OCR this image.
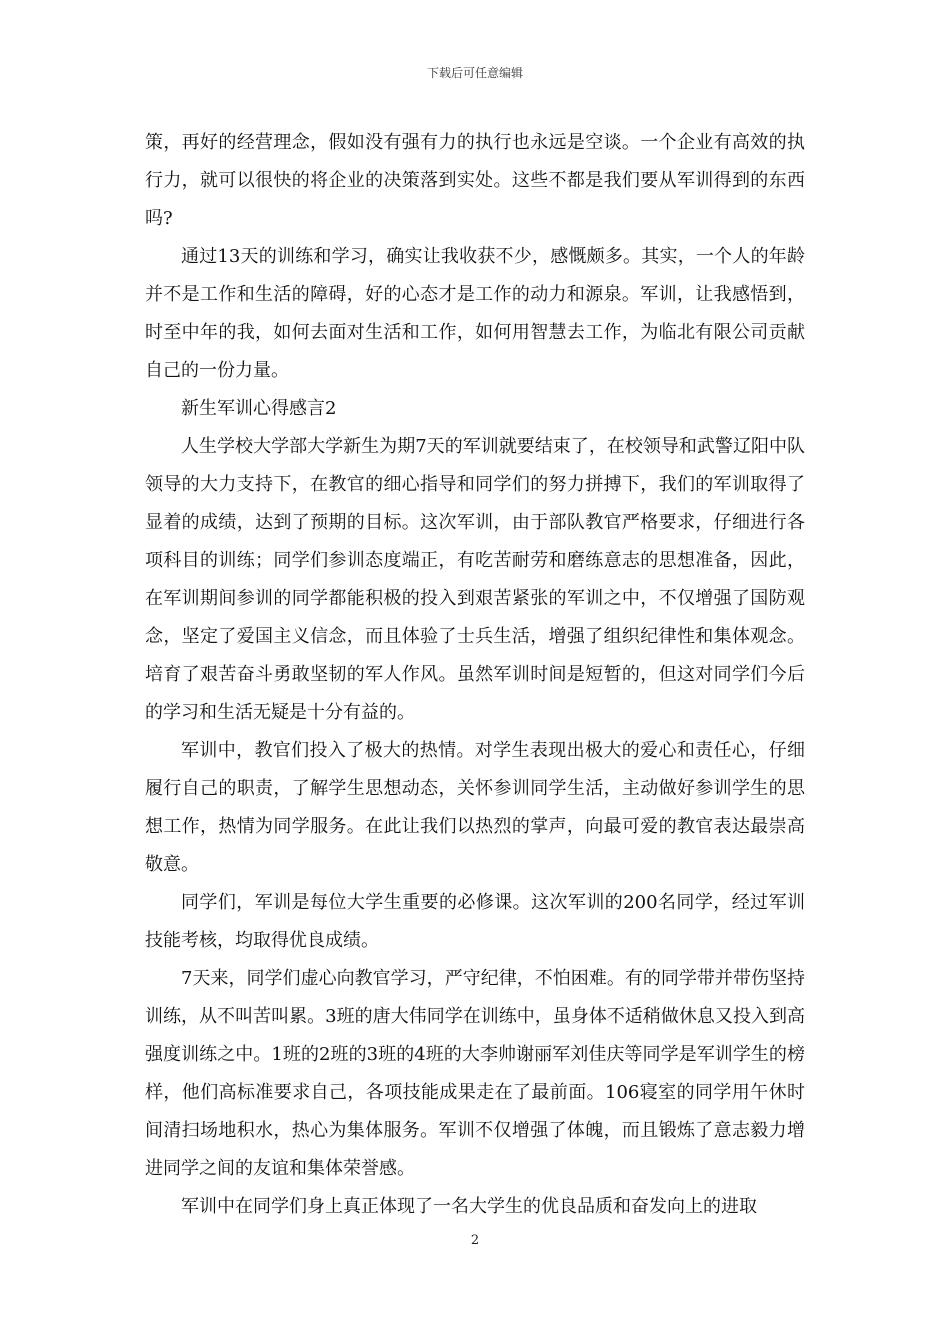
下载后可任意编辑

策，再好的经营理念，假如没有强有力的执行也永远是空谈。一个企业有高效的执行力，就可以很快的将企业的决策落到实处。这些不都是我们要从军训得到的东西吗?

通过13天的训练和学习，确实让我收获不少，感慨颇多。其实，一个人的年龄并不是工作和生活的障碍，好的心态才是工作的动力和源泉。军训，让我感悟到，时至中年的我，如何去面对生活和工作，如何用智慧去工作，为临北有限公司贡献自己的一份力量。

新生军训心得感言2

人生学校大学部大学新生为期7天的军训就要结束了，在校领导和武警辽阳中队领导的大力支持下，在教官的细心指导和同学们的努力拼搏下，我们的军训取得了显着的成绩，达到了预期的目标。这次军训，由于部队教官严格要求，仔细进行各项科目的训练；同学们参训态度端正，有吃苦耐劳和磨练意志的思想准备，因此，在军训期间参训的同学都能积极的投入到艰苦紧张的军训之中，不仅增强了国防观念，坚定了爱国主义信念，而且体验了士兵生活，增强了组织纪律性和集体观念。培育了艰苦奋斗勇敢坚韧的军人作风。虽然军训时间是短暂的，但这对同学们今后的学习和生活无疑是十分有益的。

军训中，教官们投入了极大的热情。对学生表现出极大的爱心和责任心，仔细履行自己的职责，了解学生思想动态，关怀参训同学生活，主动做好参训学生的思想工作，热情为同学服务。在此让我们以热烈的掌声，向最可爱的教官表达最崇高敬意。

同学们，军训是每位大学生重要的必修课。这次军训的200名同学，经过军训技能考核，均取得优良成绩。

7天来，同学们虚心向教官学习，严守纪律，不怕困难。有的同学带并带伤坚持训练，从不叫苦叫累。3班的唐大伟同学在训练中，虽身体不适稍做休息又投入到高强度训练之中。1班的2班的3班的4班的大李帅谢丽军刘佳庆等同学是军训学生的榜样，他们高标准要求自己，各项技能成果走在了最前面。106寝室的同学用午休时间清扫场地积水，热心为集体服务。军训不仅增强了体魄，而且锻炼了意志毅力增进同学之间的友谊和集体荣誉感。

军训中在同学们身上真正体现了一名大学生的优良品质和奋发向上的进取

2
